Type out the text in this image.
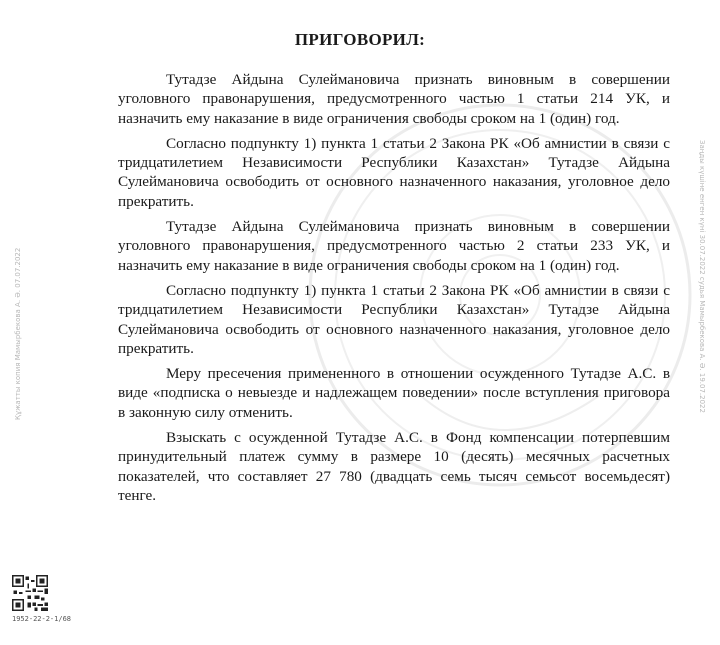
ПРИГОВОРИЛ:

Тутадзе Айдына Сулеймановича признать виновным в совершении уголовного правонарушения, предусмотренного частью 1 статьи 214 УК, и назначить ему наказание в виде ограничения свободы сроком на 1 (один) год.

Согласно подпункту 1) пункта 1 статьи 2 Закона РК «Об амнистии в связи с тридцатилетием Независимости Республики Казахстан» Тутадзе Айдына Сулеймановича освободить от основного назначенного наказания, уголовное дело прекратить.

Тутадзе Айдына Сулеймановича признать виновным в совершении уголовного правонарушения, предусмотренного частью 2 статьи 233 УК, и назначить ему наказание в виде ограничения свободы сроком на 1 (один) год.

Согласно подпункту 1) пункта 1 статьи 2 Закона РК «Об амнистии в связи с тридцатилетием Независимости Республики Казахстан» Тутадзе Айдына Сулеймановича освободить от основного назначенного наказания, уголовное дело прекратить.

Меру пресечения примененного в отношении осужденного Тутадзе А.С. в виде «подписка о невыезде и надлежащем поведении» после вступления приговора в законную силу отменить.

Взыскать с осужденной Тутадзе А.С. в Фонд компенсации потерпевшим принудительный платеж сумму в размере 10 (десять) месячных расчетных показателей, что составляет 27 780 (двадцать семь тысяч семьсот восемьдесят) тенге.

Құжатты копия Мамырбекова А. Ә. 07.07.2022	Заңды күшіне енген күні 30.07.2022 судья Мамырбекова А. Ә. 19.07.2022
1952-22-2-1/68
